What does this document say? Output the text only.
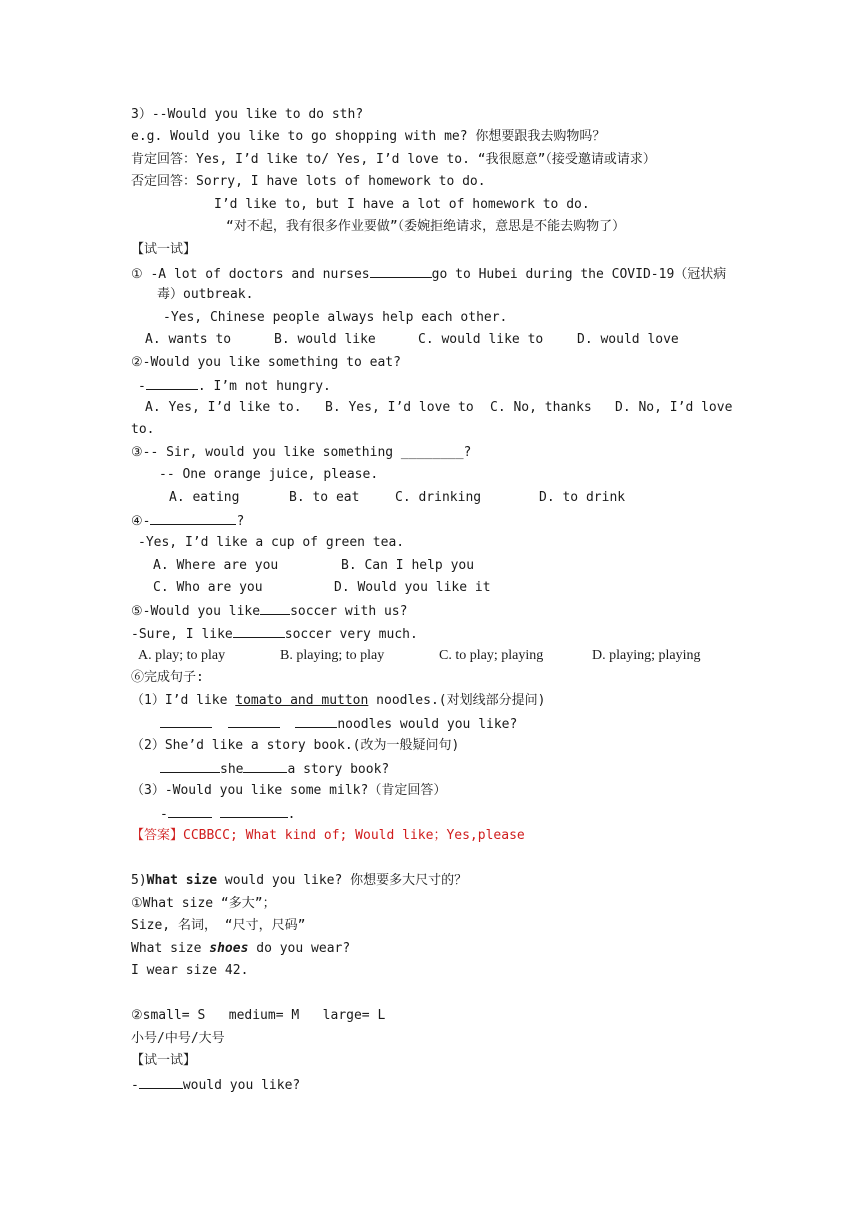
3）--Would you like to do sth?
e.g. Would you like to go shopping with me? 你想要跟我去购物吗？
肯定回答：Yes, I’d like to/ Yes, I’d love to. “我很愿意”（接受邀请或请求）
否定回答：Sorry, I have lots of homework to do.
I’d like to, but I have a lot of homework to do.
“对不起，我有很多作业要做”（委婉拒绝请求，意思是不能去购物了）
【试一试】
① -A lot of doctors and nurses	go to Hubei during the COVID-19（冠状病
毒）outbreak.
-Yes, Chinese people always help each other.
A. wants to	B. would like	C. would like to	D. would love
②-Would you like something to eat?
-	. I’m not hungry.
A. Yes, I’d like to. B. Yes, I’d love to C. No, thanks D. No, I’d love
to.
③-- Sir, would you like something ________?
-- One orange juice, please.
A. eating	B. to eat	C. drinking	D. to drink
④-	?
-Yes, I’d like a cup of green tea.
A. Where are you	B. Can I help you
C. Who are you	D. Would you like it
⑤-Would you like soccer with us?
-Sure, I like	soccer very much.
A. play; to play	B. playing; to play	C. to play; playing	D. playing; playing
⑥完成句子:
（1）I’d like tomato and mutton noodles.(对划线部分提问)
noodles would you like?
（2）She’d like a story book.(改为一般疑问句)
she	a story book?
（3）-Would you like some milk?（肯定回答）
-	.
【答案】CCBBCC; What kind of; Would like；Yes,please
5)What size would you like? 你想要多大尺寸的？
①What size “多大”；
Size, 名词， “尺寸，尺码”
What size shoes do you wear?
I wear size 42.
②small= S   medium= M   large= L
小号/中号/大号
【试一试】
-	would you like?
